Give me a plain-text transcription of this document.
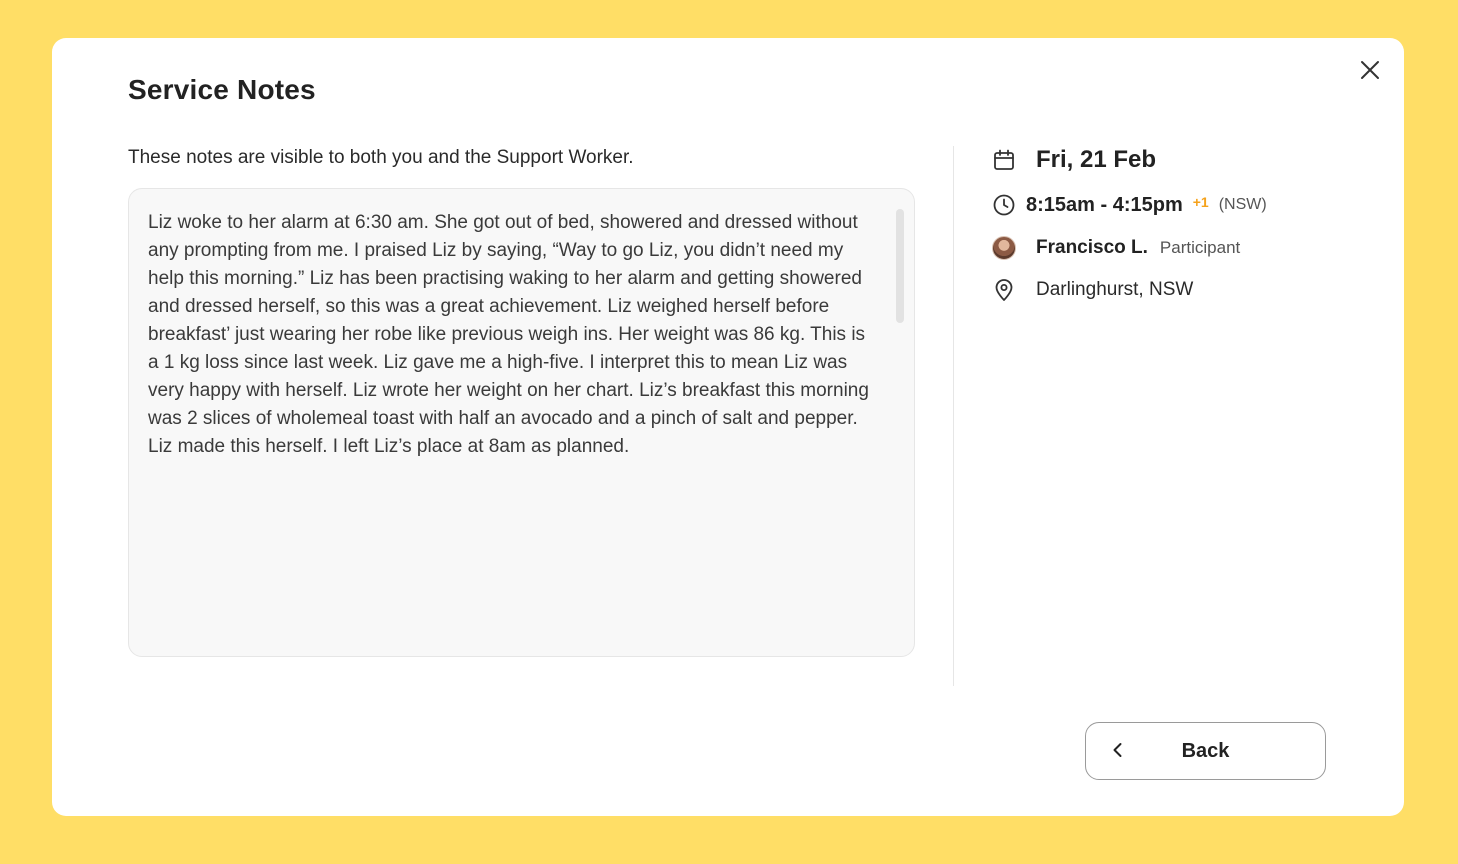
Service Notes
These notes are visible to both you and the Support Worker.
Liz woke to her alarm at 6:30 am. She got out of bed, showered and dressed without any prompting from me. I praised Liz by saying, “Way to go Liz, you didn’t need my help this morning.” Liz has been practising waking to her alarm and getting showered and dressed herself, so this was a great achievement. Liz weighed herself before breakfast’ just wearing her robe like previous weigh ins. Her weight was 86 kg. This is a 1 kg loss since last week. Liz gave me a high-five. I interpret this to mean Liz was very happy with herself. Liz wrote her weight on her chart. Liz’s breakfast this morning was 2 slices of wholemeal toast with half an avocado and a pinch of salt and pepper. Liz made this herself. I left Liz’s place at 8am as planned.
Fri, 21 Feb
8:15am - 4:15pm +1 (NSW)
Francisco L. Participant
Darlinghurst, NSW
Back
